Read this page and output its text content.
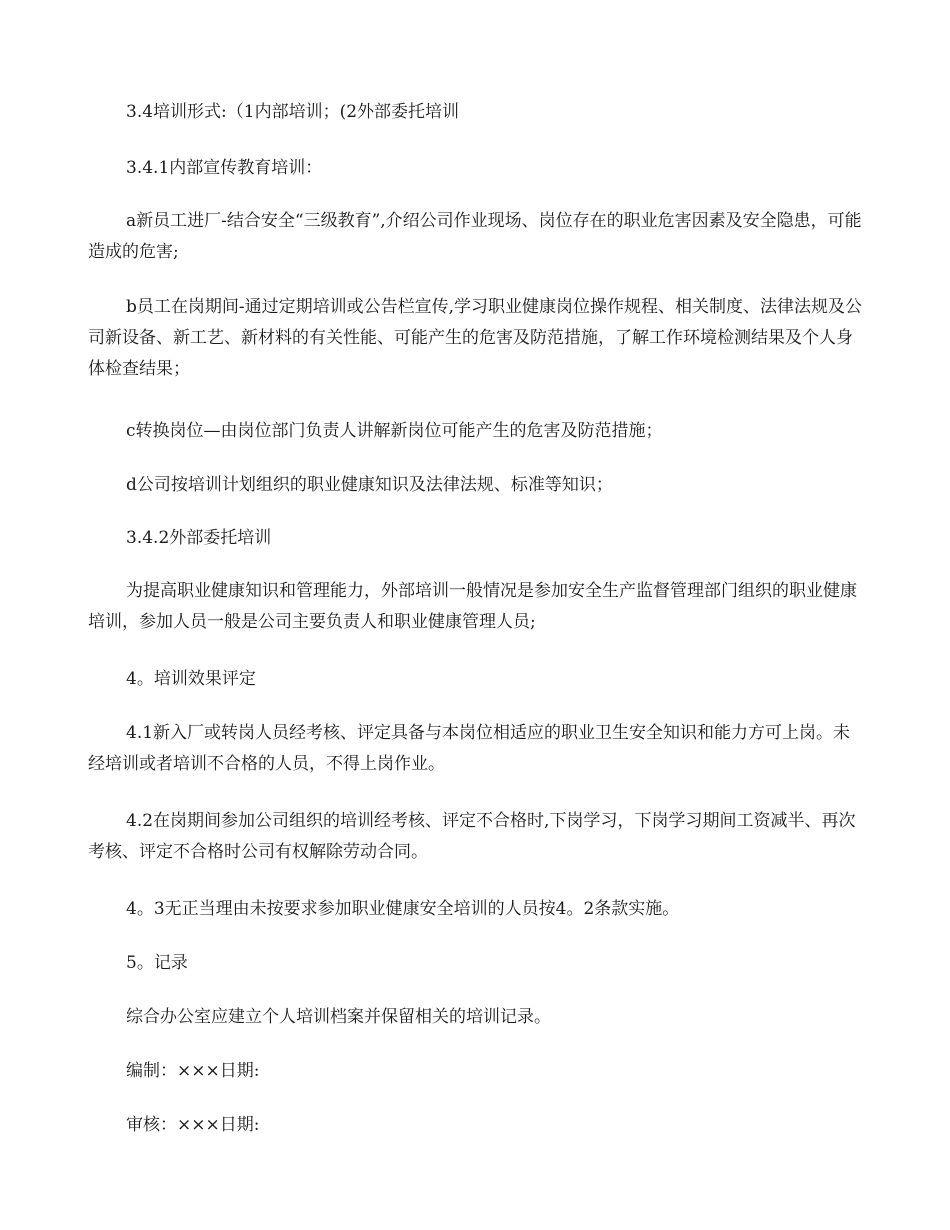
3.4培训形式:（1内部培训；(2外部委托培训

3.4.1内部宣传教育培训：

a新员工进厂-结合安全“三级教育”,介绍公司作业现场、岗位存在的职业危害因素及安全隐患，可能造成的危害;

b员工在岗期间-通过定期培训或公告栏宣传,学习职业健康岗位操作规程、相关制度、法律法规及公司新设备、新工艺、新材料的有关性能、可能产生的危害及防范措施，了解工作环境检测结果及个人身体检查结果；

c转换岗位—由岗位部门负责人讲解新岗位可能产生的危害及防范措施；

d公司按培训计划组织的职业健康知识及法律法规、标准等知识；

3.4.2外部委托培训

为提高职业健康知识和管理能力，外部培训一般情况是参加安全生产监督管理部门组织的职业健康培训，参加人员一般是公司主要负责人和职业健康管理人员;

4。培训效果评定

4.1新入厂或转岗人员经考核、评定具备与本岗位相适应的职业卫生安全知识和能力方可上岗。未经培训或者培训不合格的人员，不得上岗作业。

4.2在岗期间参加公司组织的培训经考核、评定不合格时,下岗学习，下岗学习期间工资减半、再次考核、评定不合格时公司有权解除劳动合同。

4。3无正当理由未按要求参加职业健康安全培训的人员按4。2条款实施。

5。记录

综合办公室应建立个人培训档案并保留相关的培训记录。

编制：×××日期:

审核：×××日期:
